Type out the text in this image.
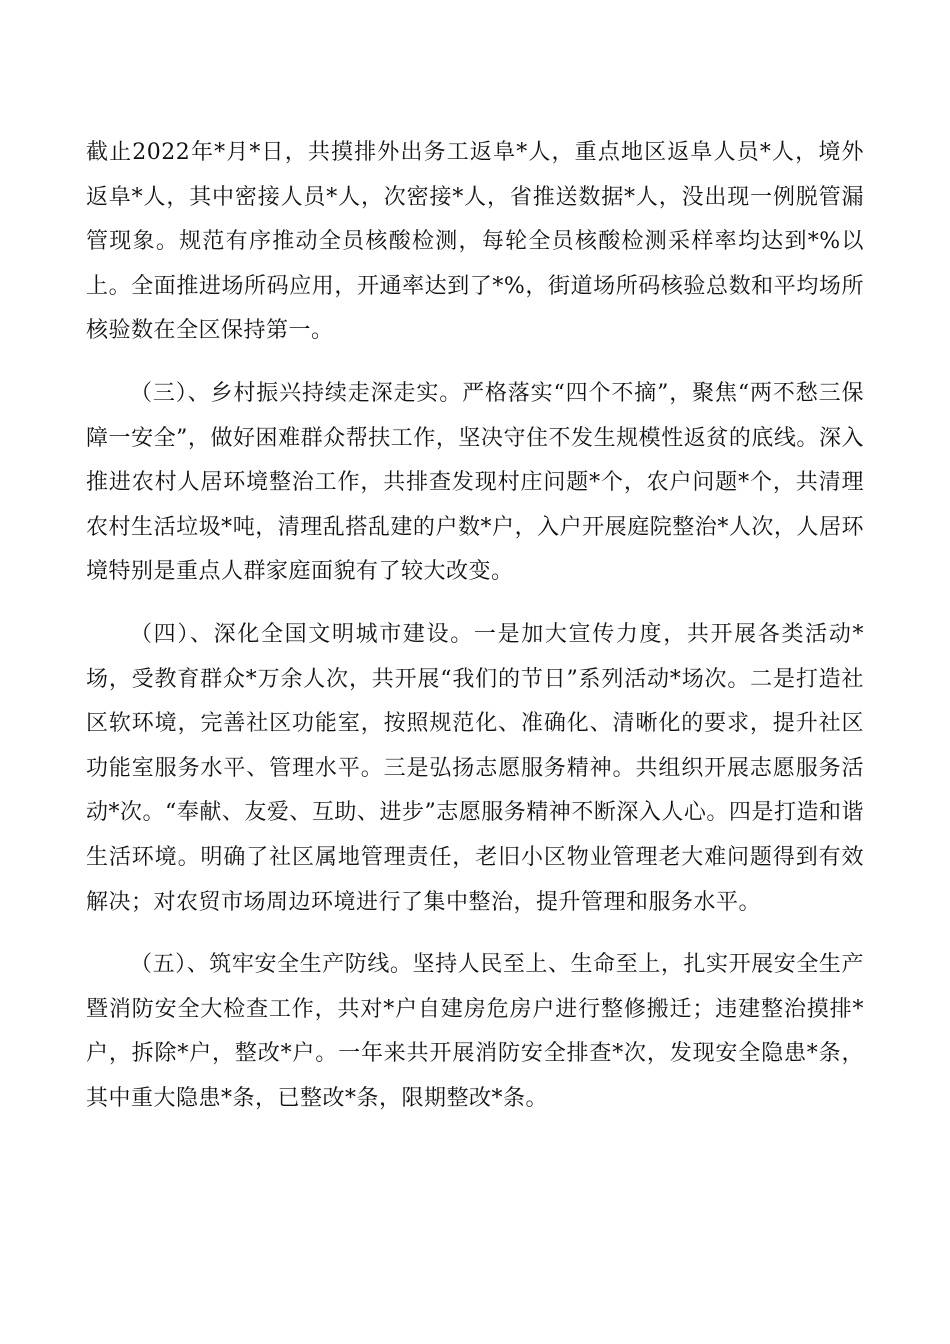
截止2022年*月*日，共摸排外出务工返阜*人，重点地区返阜人员*人，境外返阜*人，其中密接人员*人，次密接*人，省推送数据*人，没出现一例脱管漏管现象。规范有序推动全员核酸检测，每轮全员核酸检测采样率均达到*%以上。全面推进场所码应用，开通率达到了*%，街道场所码核验总数和平均场所核验数在全区保持第一。

（三）、乡村振兴持续走深走实。严格落实“四个不摘”，聚焦“两不愁三保障一安全”，做好困难群众帮扶工作，坚决守住不发生规模性返贫的底线。深入推进农村人居环境整治工作，共排查发现村庄问题*个，农户问题*个，共清理农村生活垃圾*吨，清理乱搭乱建的户数*户，入户开展庭院整治*人次，人居环境特别是重点人群家庭面貌有了较大改变。

（四）、深化全国文明城市建设。一是加大宣传力度，共开展各类活动*场，受教育群众*万余人次，共开展“我们的节日”系列活动*场次。二是打造社区软环境，完善社区功能室，按照规范化、准确化、清晰化的要求，提升社区功能室服务水平、管理水平。三是弘扬志愿服务精神。共组织开展志愿服务活动*次。“奉献、友爱、互助、进步”志愿服务精神不断深入人心。四是打造和谐生活环境。明确了社区属地管理责任，老旧小区物业管理老大难问题得到有效解决；对农贸市场周边环境进行了集中整治，提升管理和服务水平。

（五）、筑牢安全生产防线。坚持人民至上、生命至上，扎实开展安全生产暨消防安全大检查工作，共对*户自建房危房户进行整修搬迁；违建整治摸排*户，拆除*户，整改*户。一年来共开展消防安全排查*次，发现安全隐患*条，其中重大隐患*条，已整改*条，限期整改*条。
